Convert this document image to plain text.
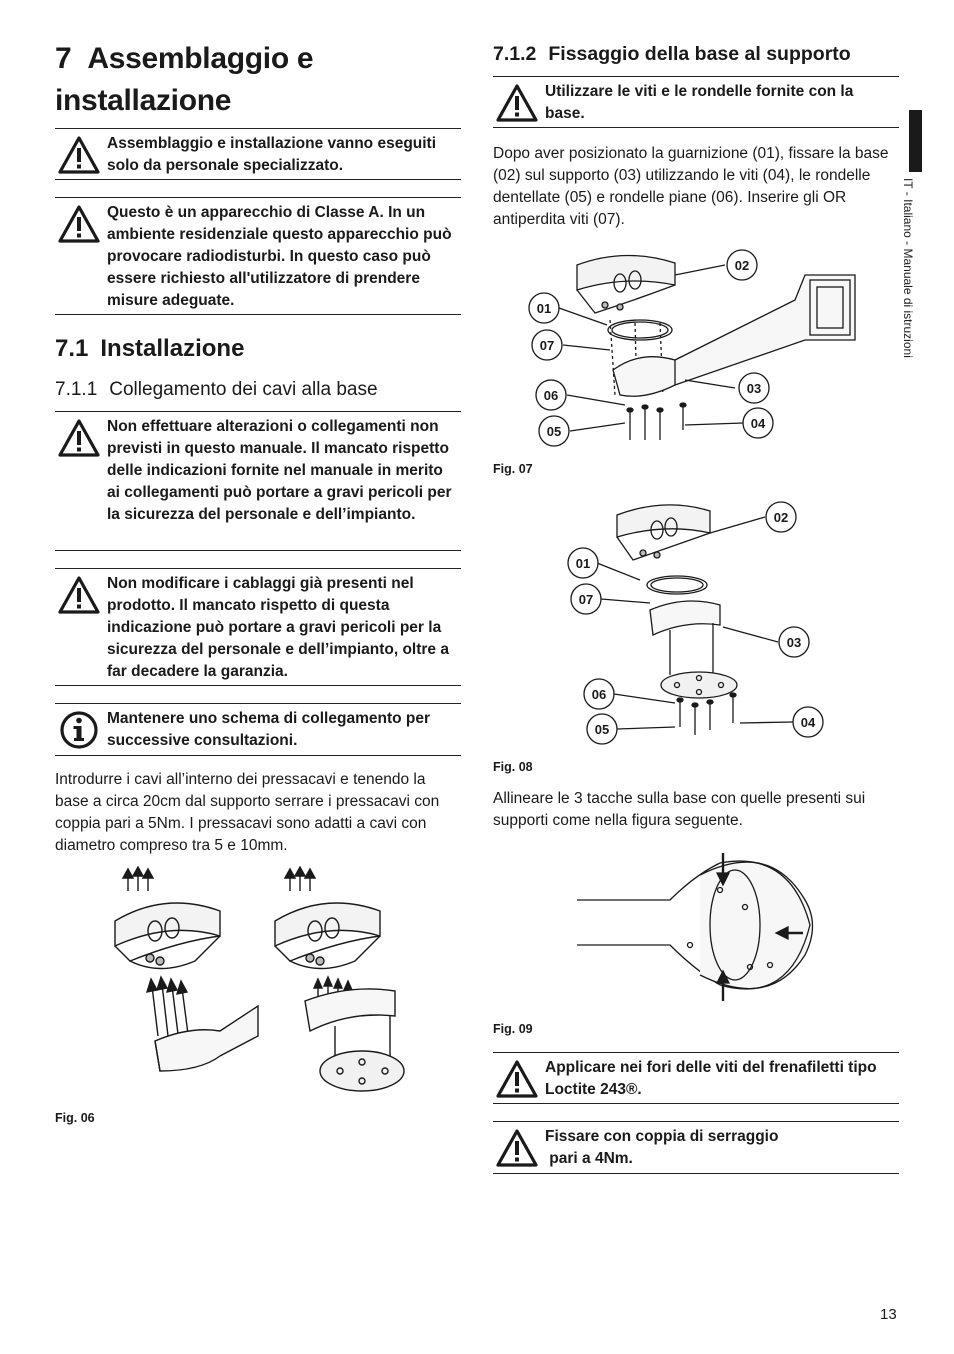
7 Assemblaggio e installazione
Assemblaggio e installazione vanno eseguiti solo da personale specializzato.
Questo è un apparecchio di Classe A. In un ambiente residenziale questo apparecchio può provocare radiodisturbi. In questo caso può essere richiesto all'utilizzatore di prendere misure adeguate.
7.1 Installazione
7.1.1 Collegamento dei cavi alla base
Non effettuare alterazioni o collegamenti non previsti in questo manuale. Il mancato rispetto delle indicazioni fornite nel manuale in merito ai collegamenti può portare a gravi pericoli per la sicurezza del personale e dell’impianto.
Non modificare i cablaggi già presenti nel prodotto. Il mancato rispetto di questa indicazione può portare a gravi pericoli per la sicurezza del personale e dell’impianto, oltre a far decadere la garanzia.
Mantenere uno schema di collegamento per successive consultazioni.
Introdurre i cavi all’interno dei pressacavi e tenendo la base a circa 20cm dal supporto serrare i pressacavi con coppia pari a 5Nm. I pressacavi sono adatti a cavi con diametro compreso tra 5 e 10mm.
Fig. 06
7.1.2 Fissaggio della base al supporto
Utilizzare le viti e le rondelle fornite con la base.
Dopo aver posizionato la guarnizione (01), fissare la base (02) sul supporto (03) utilizzando le viti (04), le rondelle dentellate (05) e rondelle piane (06). Inserire gli OR antiperdita viti (07).
02
01
07
03
06
04
05
Fig. 07
02
01
07
03
06
04
05
Fig. 08
Allineare le 3 tacche sulla base con quelle presenti sui supporti come nella figura seguente.
Fig. 09
Applicare nei fori delle viti del frenafiletti tipo Loctite 243®.
Fissare con coppia di serraggio
pari a 4Nm.
IT - Italiano - Manuale di istruzioni
13
